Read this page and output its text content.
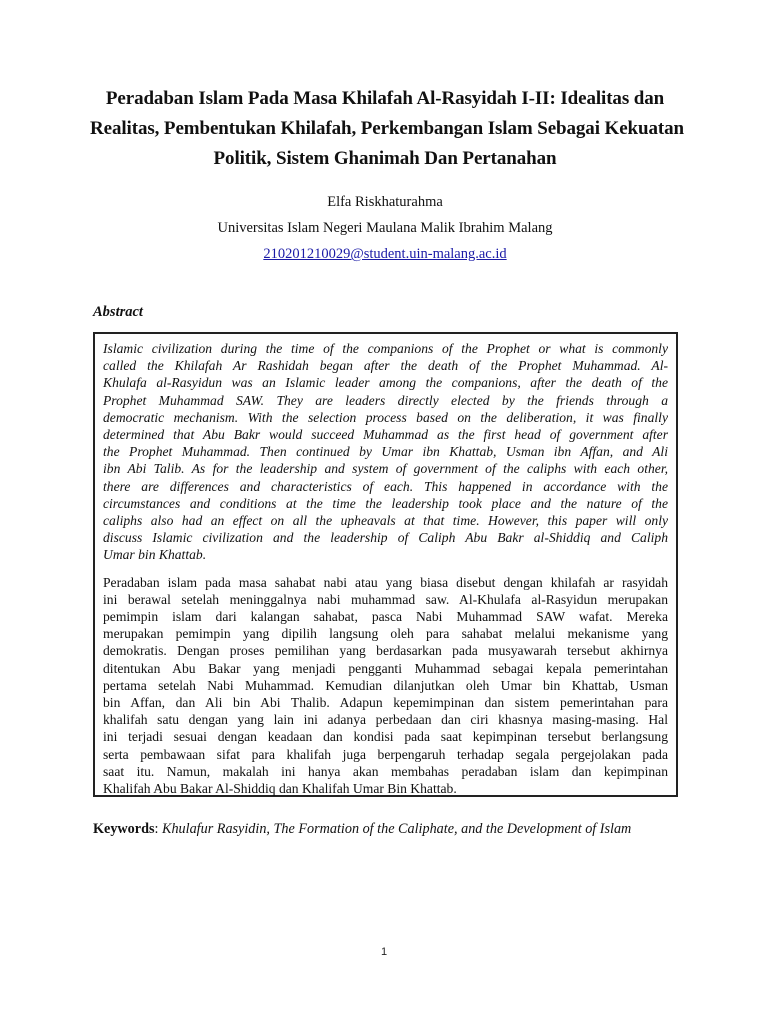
Peradaban Islam Pada Masa Khilafah Al-Rasyidah I-II: Idealitas dan
Realitas, Pembentukan Khilafah, Perkembangan Islam Sebagai Kekuatan
Politik, Sistem Ghanimah Dan Pertanahan
Elfa Riskhaturahma
Universitas Islam Negeri Maulana Malik Ibrahim Malang
210201210029@student.uin-malang.ac.id
Abstract
Islamic civilization during the time of the companions of the Prophet or what is commonly
called the Khilafah Ar Rashidah began after the death of the Prophet Muhammad. Al-
Khulafa al-Rasyidun was an Islamic leader among the companions, after the death of the
Prophet Muhammad SAW. They are leaders directly elected by the friends through a
democratic mechanism. With the selection process based on the deliberation, it was finally
determined that Abu Bakr would succeed Muhammad as the first head of government after
the Prophet Muhammad. Then continued by Umar ibn Khattab, Usman ibn Affan, and Ali
ibn Abi Talib. As for the leadership and system of government of the caliphs with each other,
there are differences and characteristics of each. This happened in accordance with the
circumstances and conditions at the time the leadership took place and the nature of the
caliphs also had an effect on all the upheavals at that time. However, this paper will only
discuss Islamic civilization and the leadership of Caliph Abu Bakr al-Shiddiq and Caliph
Umar bin Khattab.
Peradaban islam pada masa sahabat nabi atau yang biasa disebut dengan khilafah ar rasyidah
ini berawal setelah meninggalnya nabi muhammad saw. Al-Khulafa al-Rasyidun merupakan
pemimpin islam dari kalangan sahabat, pasca Nabi Muhammad SAW wafat. Mereka
merupakan pemimpin yang dipilih langsung oleh para sahabat melalui mekanisme yang
demokratis. Dengan proses pemilihan yang berdasarkan pada musyawarah tersebut akhirnya
ditentukan Abu Bakar yang menjadi pengganti Muhammad sebagai kepala pemerintahan
pertama setelah Nabi Muhammad. Kemudian dilanjutkan oleh Umar bin Khattab, Usman
bin Affan, dan Ali bin Abi Thalib. Adapun kepemimpinan dan sistem pemerintahan para
khalifah satu dengan yang lain ini adanya perbedaan dan ciri khasnya masing-masing. Hal
ini terjadi sesuai dengan keadaan dan kondisi pada saat kepimpinan tersebut berlangsung
serta pembawaan sifat para khalifah juga berpengaruh terhadap segala pergejolakan pada
saat itu. Namun, makalah ini hanya akan membahas peradaban islam dan kepimpinan
Khalifah Abu Bakar Al-Shiddiq dan Khalifah Umar Bin Khattab.
Keywords: Khulafur Rasyidin, The Formation of the Caliphate, and the Development of Islam
1
